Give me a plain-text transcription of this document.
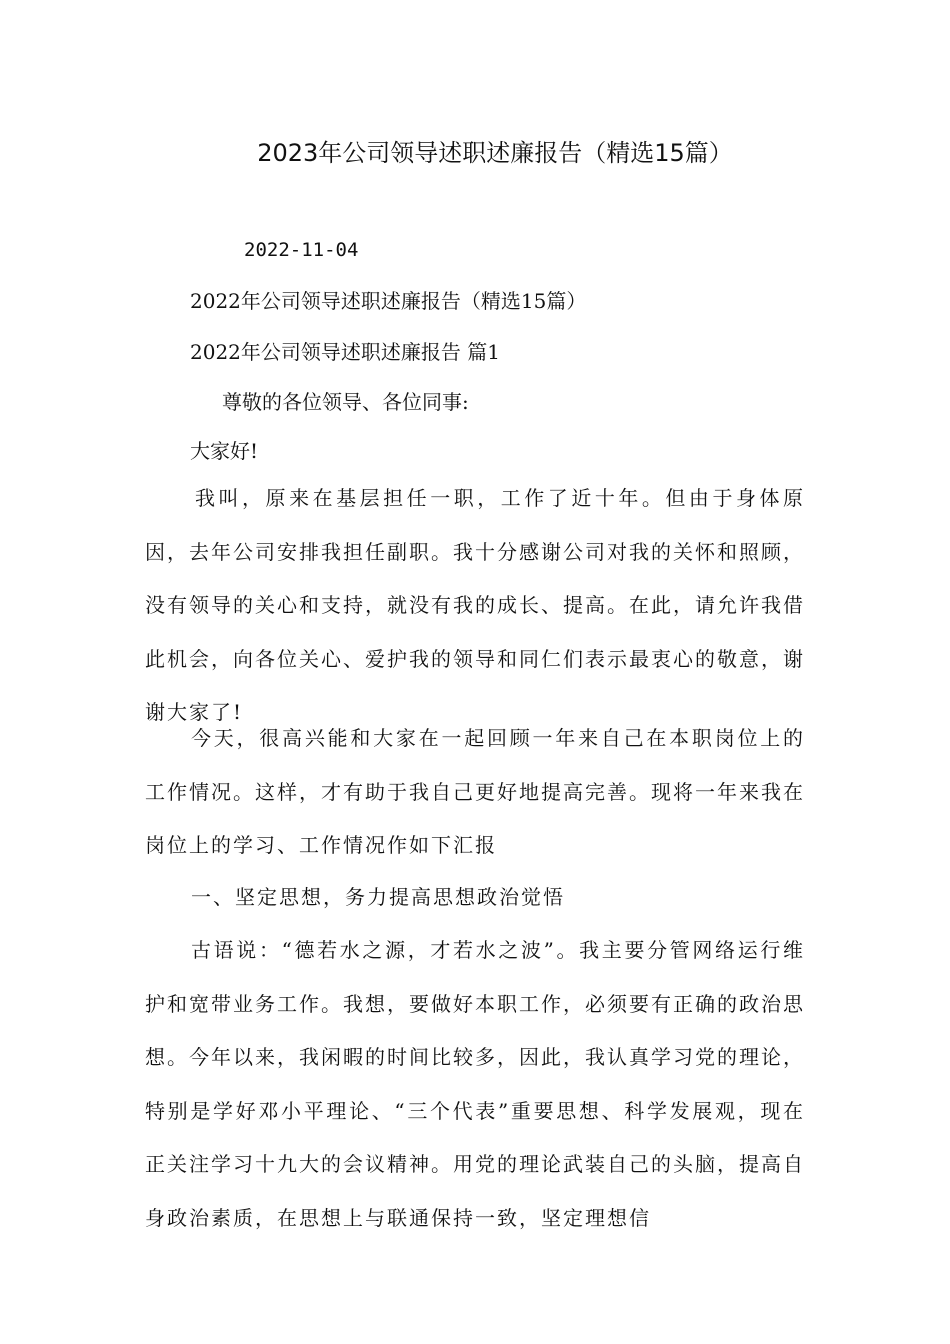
2023年公司领导述职述廉报告（精选15篇）
2022-11-04
2022年公司领导述职述廉报告（精选15篇）
2022年公司领导述职述廉报告 篇1
尊敬的各位领导、各位同事:
大家好!
我叫，原来在基层担任一职，工作了近十年。但由于身体原因，去年公司安排我担任副职。我十分感谢公司对我的关怀和照顾，没有领导的关心和支持，就没有我的成长、提高。在此，请允许我借此机会，向各位关心、爱护我的领导和同仁们表示最衷心的敬意，谢谢大家了!
今天，很高兴能和大家在一起回顾一年来自己在本职岗位上的工作情况。这样，才有助于我自己更好地提高完善。现将一年来我在岗位上的学习、工作情况作如下汇报
一、坚定思想，务力提高思想政治觉悟
古语说：“德若水之源，才若水之波”。我主要分管网络运行维护和宽带业务工作。我想，要做好本职工作，必须要有正确的政治思想。今年以来，我闲暇的时间比较多，因此，我认真学习党的理论，特别是学好邓小平理论、“三个代表”重要思想、科学发展观，现在正关注学习十九大的会议精神。用党的理论武装自己的头脑，提高自身政治素质，在思想上与联通保持一致，坚定理想信
